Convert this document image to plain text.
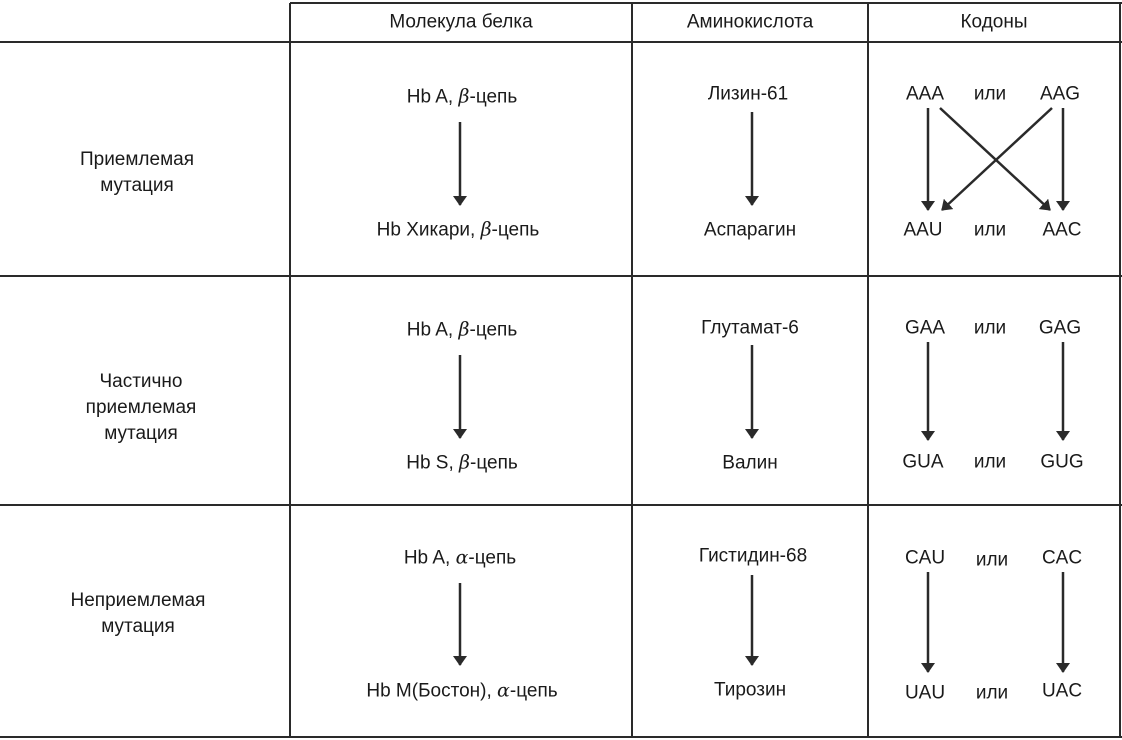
Молекула белка	Аминокислота	Кодоны
Приемлемая
мутация
Hb A, β-цепь
Hb Хикари, β-цепь
Лизин-61
Аспарагин
AAA или AAG
AAU или AAC
Частично
приемлемая
мутация
Hb A, β-цепь
Hb S, β-цепь
Глутамат-6
Валин
GAA или GAG
GUA или GUG
Неприемлемая
мутация
Hb A, α-цепь
Hb M(Бостон), α-цепь
Гистидин-68
Тирозин
CAU или CAC
UAU или UAC
